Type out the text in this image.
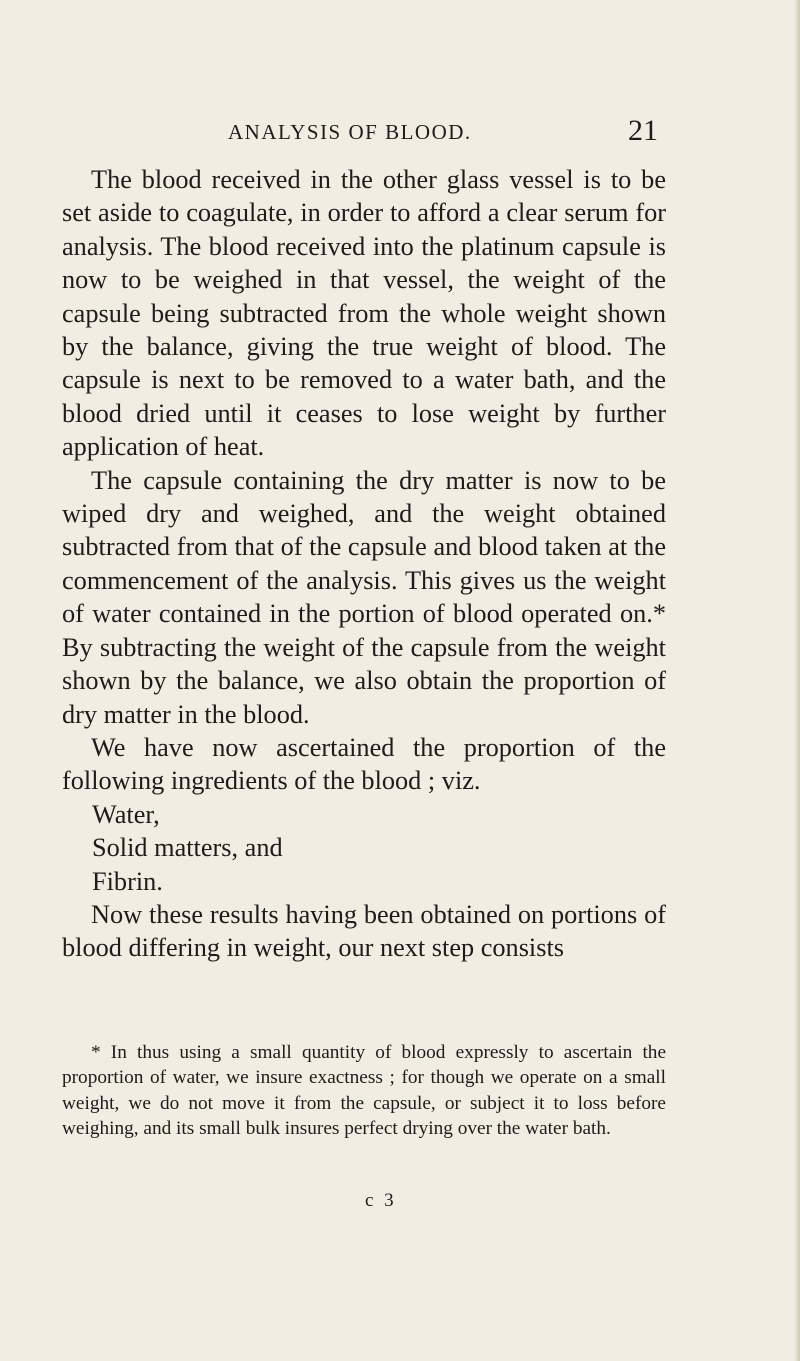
ANALYSIS OF BLOOD.	21

The blood received in the other glass vessel is to be set aside to coagulate, in order to afford a clear serum for analysis. The blood received into the platinum capsule is now to be weighed in that vessel, the weight of the capsule being subtracted from the whole weight shown by the balance, giving the true weight of blood. The capsule is next to be removed to a water bath, and the blood dried until it ceases to lose weight by further application of heat.

The capsule containing the dry matter is now to be wiped dry and weighed, and the weight obtained subtracted from that of the capsule and blood taken at the commencement of the analysis. This gives us the weight of water contained in the portion of blood operated on.* By subtracting the weight of the capsule from the weight shown by the balance, we also obtain the proportion of dry matter in the blood.

We have now ascertained the proportion of the following ingredients of the blood ; viz.

Water,
Solid matters, and
Fibrin.

Now these results having been obtained on portions of blood differing in weight, our next step consists

* In thus using a small quantity of blood expressly to ascertain the proportion of water, we insure exactness ; for though we operate on a small weight, we do not move it from the capsule, or subject it to loss before weighing, and its small bulk insures perfect drying over the water bath.

c 3
